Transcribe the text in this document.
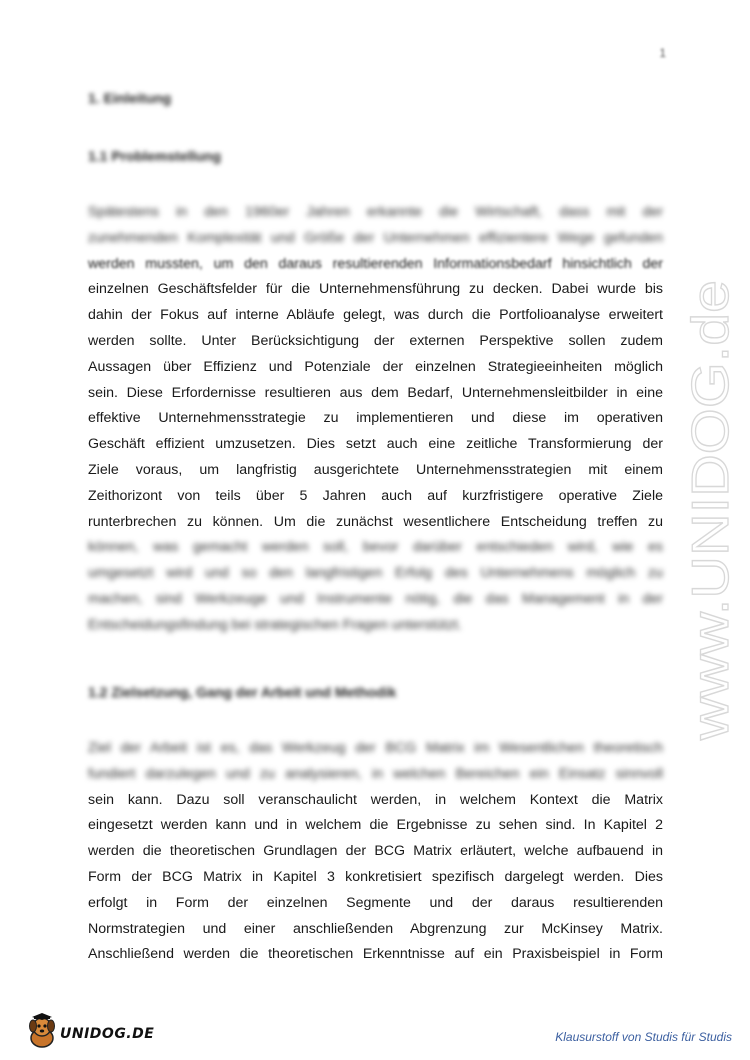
1
1. Einleitung
1.1 Problemstellung
Spätestens in den 1960er Jahren erkannte die Wirtschaft, dass mit der
zunehmenden Komplexität und Größe der Unternehmen effizientere Wege gefunden
werden mussten, um den daraus resultierenden Informationsbedarf hinsichtlich der
einzelnen Geschäftsfelder für die Unternehmensführung zu decken. Dabei wurde bis
dahin der Fokus auf interne Abläufe gelegt, was durch die Portfolioanalyse erweitert
werden sollte. Unter Berücksichtigung der externen Perspektive sollen zudem
Aussagen über Effizienz und Potenziale der einzelnen Strategieeinheiten möglich
sein. Diese Erfordernisse resultieren aus dem Bedarf, Unternehmensleitbilder in eine
effektive Unternehmensstrategie zu implementieren und diese im operativen
Geschäft effizient umzusetzen. Dies setzt auch eine zeitliche Transformierung der
Ziele voraus, um langfristig ausgerichtete Unternehmensstrategien mit einem
Zeithorizont von teils über 5 Jahren auch auf kurzfristigere operative Ziele
runterbrechen zu können. Um die zunächst wesentlichere Entscheidung treffen zu
können, was gemacht werden soll, bevor darüber entschieden wird, wie es
umgesetzt wird und so den langfristigen Erfolg des Unternehmens möglich zu
machen, sind Werkzeuge und Instrumente nötig, die das Management in der
Entscheidungsfindung bei strategischen Fragen unterstützt.
1.2 Zielsetzung, Gang der Arbeit und Methodik
Ziel der Arbeit ist es, das Werkzeug der BCG Matrix im Wesentlichen theoretisch
fundiert darzulegen und zu analysieren, in welchen Bereichen ein Einsatz sinnvoll
sein kann. Dazu soll veranschaulicht werden, in welchem Kontext die Matrix
eingesetzt werden kann und in welchem die Ergebnisse zu sehen sind. In Kapitel 2
werden die theoretischen Grundlagen der BCG Matrix erläutert, welche aufbauend in
Form der BCG Matrix in Kapitel 3 konkretisiert spezifisch dargelegt werden. Dies
erfolgt in Form der einzelnen Segmente und der daraus resultierenden
Normstrategien und einer anschließenden Abgrenzung zur McKinsey Matrix.
Anschließend werden die theoretischen Erkenntnisse auf ein Praxisbeispiel in Form
www.UNIDOG.de
UNIDOG.DE	Klausurstoff von Studis für Studis
